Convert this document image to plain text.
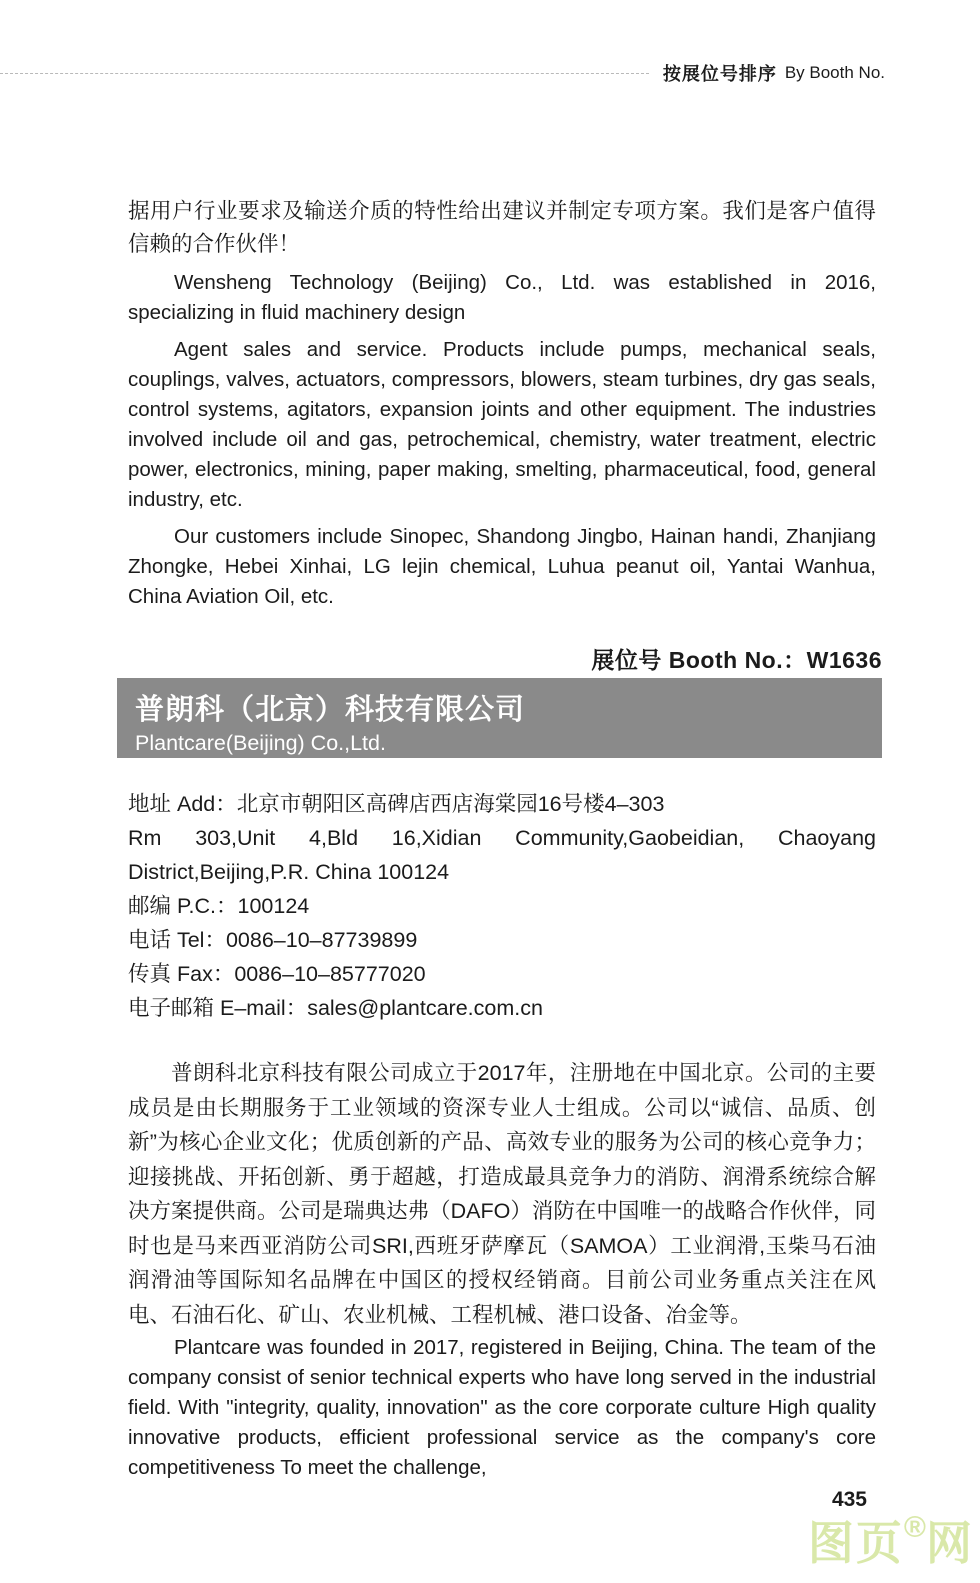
按展位号排序 By Booth No.

据用户行业要求及输送介质的特性给出建议并制定专项方案。我们是客户值得信赖的合作伙伴！

Wensheng Technology (Beijing) Co., Ltd. was established in 2016, specializing in fluid machinery design

Agent sales and service. Products include pumps, mechanical seals, couplings, valves, actuators, compressors, blowers, steam turbines, dry gas seals, control systems, agitators, expansion joints and other equipment. The industries involved include oil and gas, petrochemical, chemistry, water treatment, electric power, electronics, mining, paper making, smelting, pharmaceutical, food, general industry, etc.

Our customers include Sinopec, Shandong Jingbo, Hainan handi, Zhanjiang Zhongke, Hebei Xinhai, LG lejin chemical, Luhua peanut oil, Yantai Wanhua, China Aviation Oil, etc.

展位号 Booth No.：W1636
普朗科（北京）科技有限公司
Plantcare(Beijing) Co.,Ltd.
地址 Add：北京市朝阳区高碑店西店海棠园16号楼4–303
Rm 303,Unit 4,Bld 16,Xidian Community,Gaobeidian, Chaoyang
District,Beijing,P.R. China 100124
邮编 P.C.：100124
电话 Tel：0086–10–87739899
传真 Fax：0086–10–85777020
电子邮箱 E–mail：sales@plantcare.com.cn
普朗科北京科技有限公司成立于2017年，注册地在中国北京。公司的主要成员是由长期服务于工业领域的资深专业人士组成。公司以“诚信、品质、创新”为核心企业文化；优质创新的产品、高效专业的服务为公司的核心竞争力；迎接挑战、开拓创新、勇于超越，打造成最具竞争力的消防、润滑系统综合解决方案提供商。公司是瑞典达弗（DAFO）消防在中国唯一的战略合作伙伴，同时也是马来西亚消防公司SRI,西班牙萨摩瓦（SAMOA）工业润滑,玉柴马石油润滑油等国际知名品牌在中国区的授权经销商。目前公司业务重点关注在风电、石油石化、矿山、农业机械、工程机械、港口设备、冶金等。
Plantcare was founded in 2017, registered in Beijing, China. The team of the company consist of senior technical experts who have long served in the industrial field. With "integrity, quality, innovation" as the core corporate culture High quality innovative products, efficient professional service as the company's core competitiveness To meet the challenge,
435
图页®网
